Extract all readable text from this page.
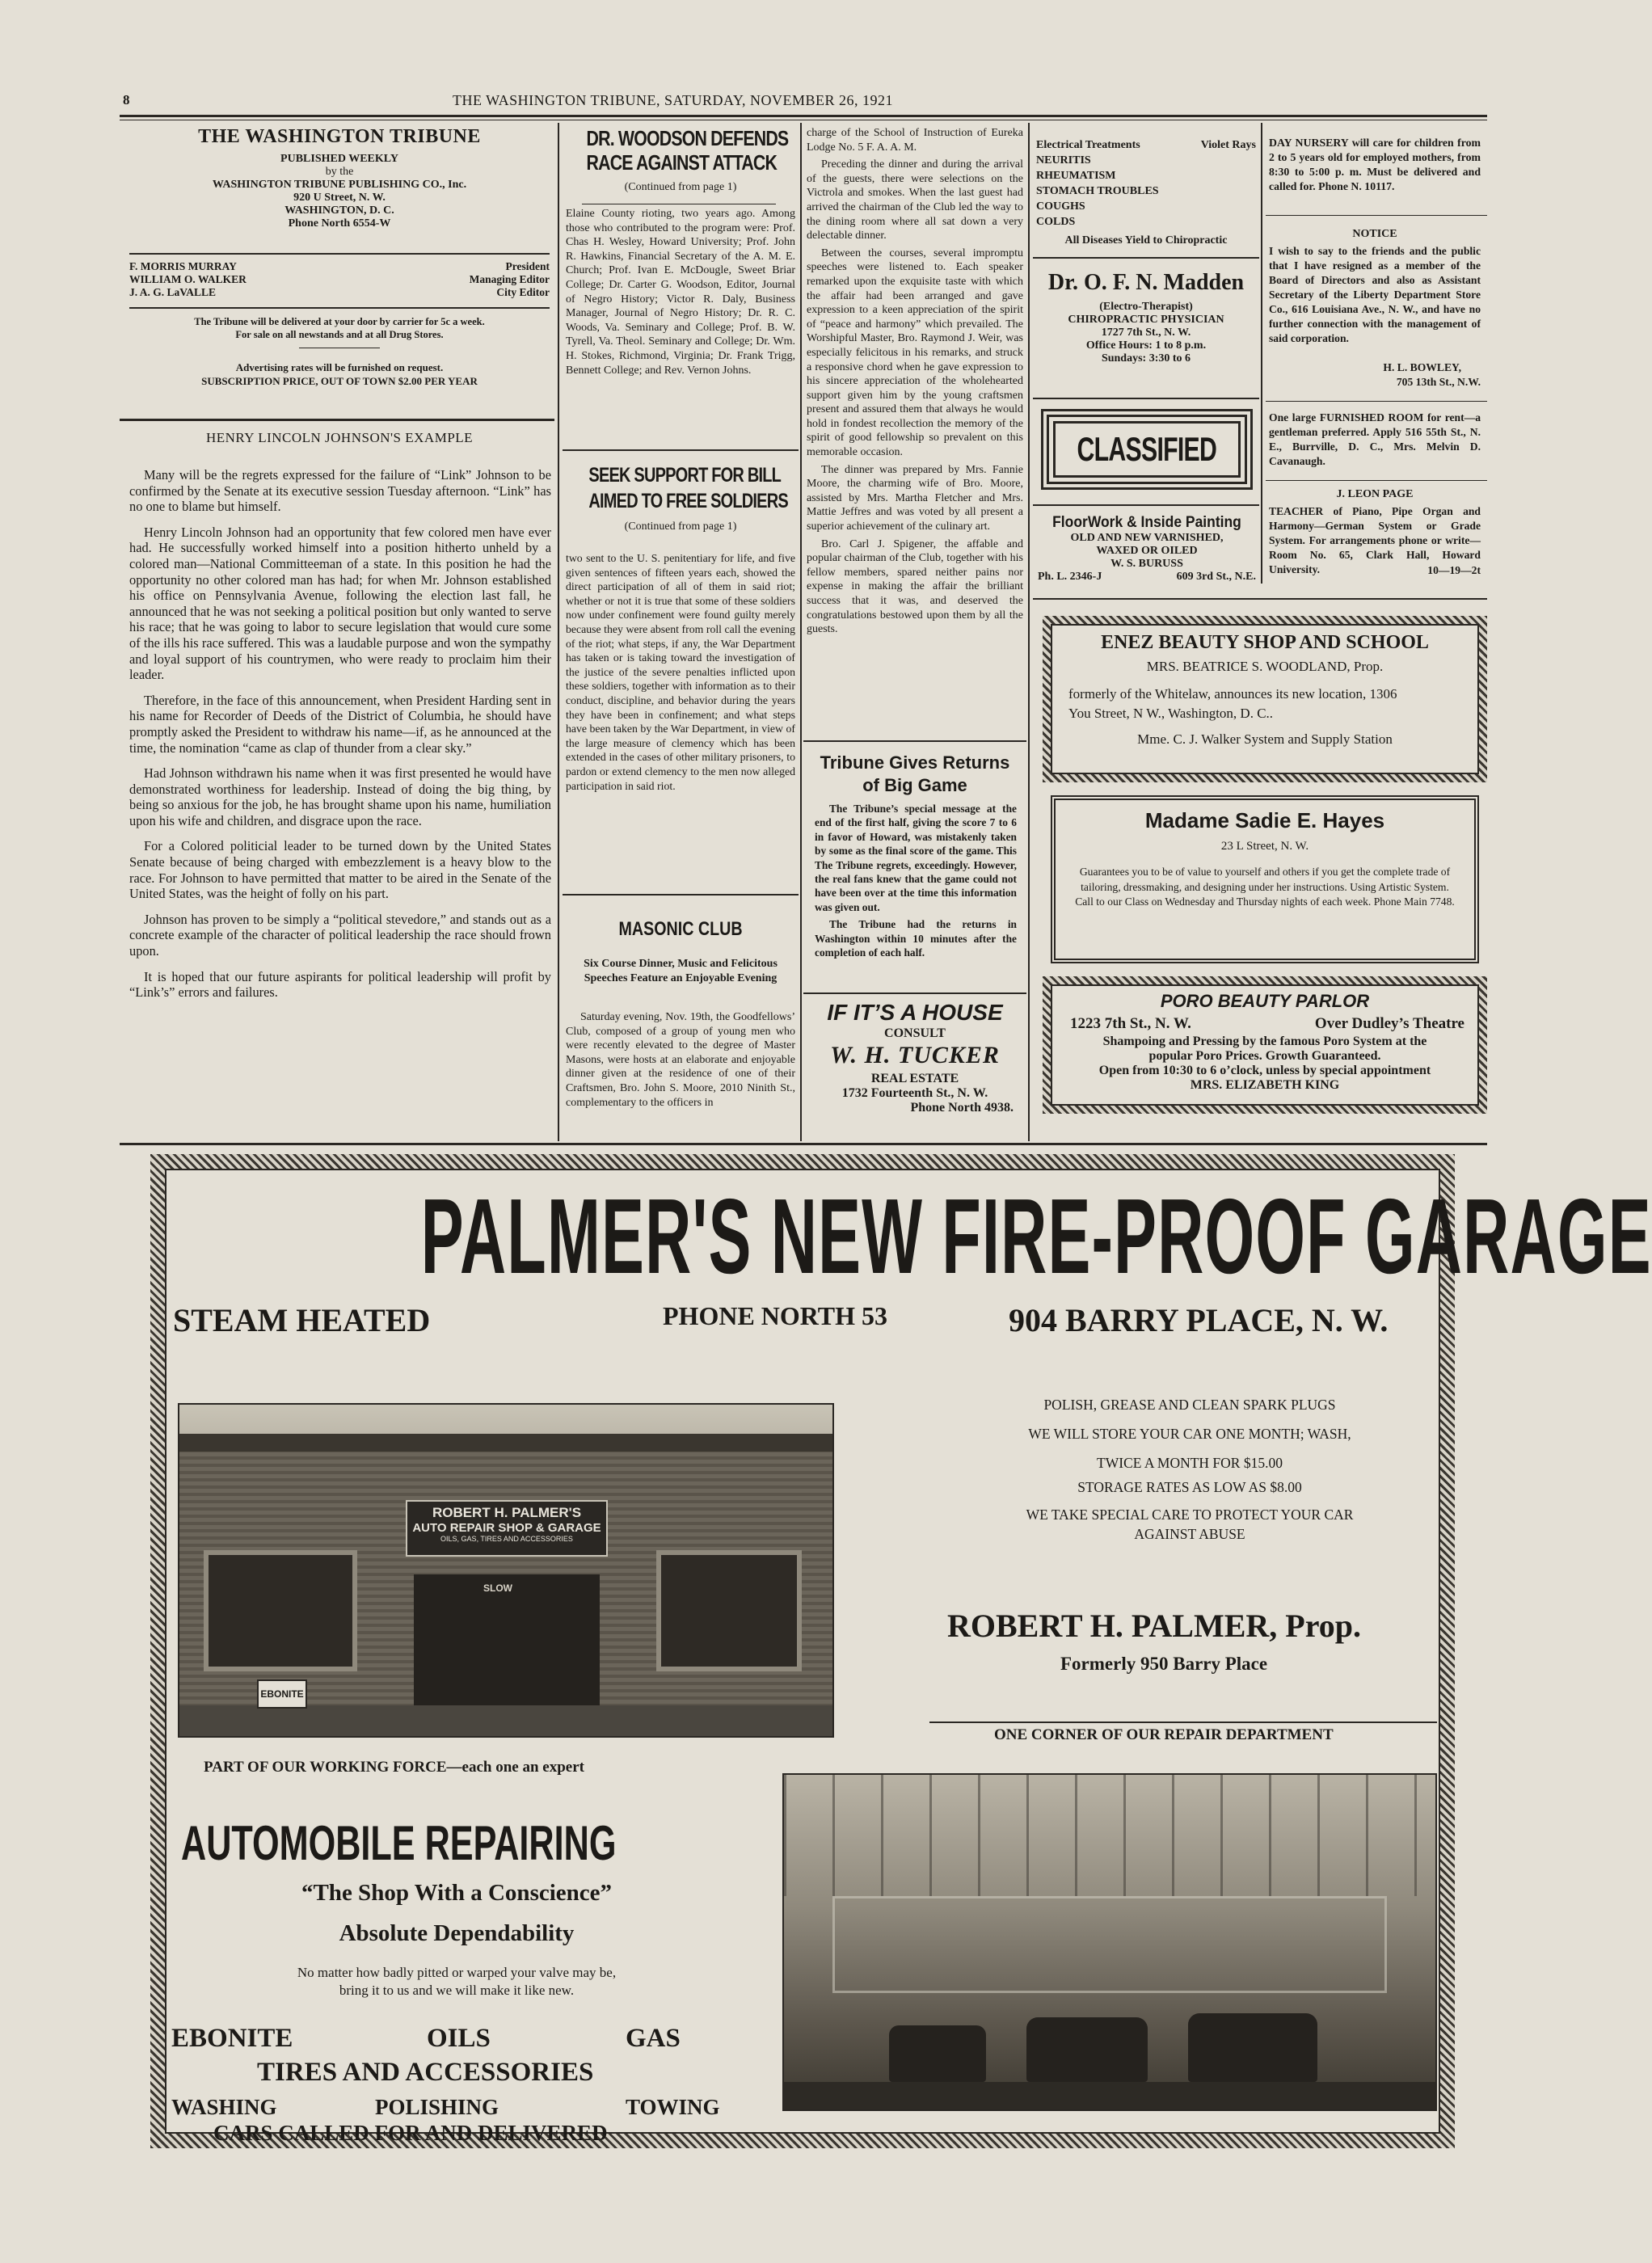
8	THE WASHINGTON TRIBUNE, SATURDAY, NOVEMBER 26, 1921
THE WASHINGTON TRIBUNE
PUBLISHED WEEKLY
by the
WASHINGTON TRIBUNE PUBLISHING CO., Inc.
920 U Street, N. W.
WASHINGTON, D. C.
Phone North 6554-W
F. MORRIS MURRAY	President
WILLIAM O. WALKER	Managing Editor
J. A. G. LaVALLE	City Editor
The Tribune will be delivered at your door by carrier for 5c a week.
For sale on all newstands and at all Drug Stores.
Advertising rates will be furnished on request.
SUBSCRIPTION PRICE, OUT OF TOWN $2.00 PER YEAR
HENRY LINCOLN JOHNSON'S EXAMPLE

Many will be the regrets expressed for the failure of “Link” Johnson to be confirmed by the Senate at its executive session Tuesday afternoon. “Link” has no one to blame but himself.

Henry Lincoln Johnson had an opportunity that few colored men have ever had. He successfully worked himself into a position hitherto unheld by a colored man—National Committeeman of a state. In this position he had the opportunity no other colored man has had; for when Mr. Johnson established his office on Pennsylvania Avenue, following the election last fall, he announced that he was not seeking a political position but only wanted to serve his race; that he was going to labor to secure legislation that would cure some of the ills his race suffered. This was a laudable purpose and won the sympathy and loyal support of his countrymen, who were ready to proclaim him their leader.

Therefore, in the face of this announcement, when President Harding sent in his name for Recorder of Deeds of the District of Columbia, he should have promptly asked the President to withdraw his name—if, as he announced at the time, the nomination “came as clap of thunder from a clear sky.”

Had Johnson withdrawn his name when it was first presented he would have demonstrated worthiness for leadership. Instead of doing the big thing, by being so anxious for the job, he has brought shame upon his name, humiliation upon his wife and children, and disgrace upon the race.

For a Colored politicial leader to be turned down by the United States Senate because of being charged with embezzlement is a heavy blow to the race. For Johnson to have permitted that matter to be aired in the Senate of the United States, was the height of folly on his part.

Johnson has proven to be simply a “political stevedore,” and stands out as a concrete example of the character of political leadership the race should frown upon.

It is hoped that our future aspirants for political leadership will profit by “Link’s” errors and failures.

DR. WOODSON DEFENDS
RACE AGAINST ATTACK
(Continued from page 1)
Elaine County rioting, two years ago. Among those who contributed to the program were: Prof. Chas H. Wesley, Howard University; Prof. John R. Hawkins, Financial Secretary of the A. M. E. Church; Prof. Ivan E. McDougle, Sweet Briar College; Dr. Carter G. Woodson, Editor, Journal of Negro History; Victor R. Daly, Business Manager, Journal of Negro History; Dr. R. C. Woods, Va. Seminary and College; Prof. B. W. Tyrell, Va. Theol. Seminary and College; Dr. Wm. H. Stokes, Richmond, Virginia; Dr. Frank Trigg, Bennett College; and Rev. Vernon Johns.
SEEK SUPPORT FOR BILL
AIMED TO FREE SOLDIERS
(Continued from page 1)
two sent to the U. S. penitentiary for life, and five given sentences of fifteen years each, showed the direct participation of all of them in said riot; whether or not it is true that some of these soldiers now under confinement were found guilty merely because they were absent from roll call the evening of the riot; what steps, if any, the War Department has taken or is taking toward the investigation of the justice of the severe penalties inflicted upon these soldiers, together with information as to their conduct, discipline, and behavior during the years they have been in confinement; and what steps have been taken by the War Department, in view of the large measure of clemency which has been extended in the cases of other military prisoners, to pardon or extend clemency to the men now alleged participation in said riot.
MASONIC CLUB
Six Course Dinner, Music and Felicitous Speeches Feature an Enjoyable Evening
Saturday evening, Nov. 19th, the Goodfellows’ Club, composed of a group of young men who were recently elevated to the degree of Master Masons, were hosts at an elaborate and enjoyable dinner given at the residence of one of their Craftsmen, Bro. John S. Moore, 2010 Ninith St., complementary to the officers in

charge of the School of Instruction of Eureka Lodge No. 5 F. A. A. M.

Preceding the dinner and during the arrival of the guests, there were selections on the Victrola and smokes. When the last guest had arrived the chairman of the Club led the way to the dining room where all sat down a very delectable dinner.

Between the courses, several impromptu speeches were listened to. Each speaker remarked upon the exquisite taste with which the affair had been arranged and gave expression to a keen appreciation of the spirit of “peace and harmony” which prevailed. The Worshipful Master, Bro. Raymond J. Weir, was especially felicitous in his remarks, and struck a responsive chord when he gave expression to his sincere appreciation of the wholehearted support given him by the young craftsmen present and assured them that always he would hold in fondest recollection the memory of the spirit of good fellowship so prevalent on this memorable occasion.

The dinner was prepared by Mrs. Fannie Moore, the charming wife of Bro. Moore, assisted by Mrs. Martha Fletcher and Mrs. Mattie Jeffres and was voted by all present a superior achievement of the culinary art.

Bro. Carl J. Spigener, the affable and popular chairman of the Club, together with his fellow members, spared neither pains nor expense in making the affair the brilliant success that it was, and deserved the congratulations bestowed upon them by all the guests.

Tribune Gives Returns
of Big Game

The Tribune’s special message at the end of the first half, giving the score 7 to 6 in favor of Howard, was mistakenly taken by some as the final score of the game. This The Tribune regrets, exceedingly. However, the real fans knew that the game could not have been over at the time this information was given out.

The Tribune had the returns in Washington within 10 minutes after the completion of each half.

IF IT’S A HOUSE
CONSULT
W. H. TUCKER
REAL ESTATE
1732 Fourteenth St., N. W.
Phone North 4938.
Electrical Treatments	Violet Rays
NEURITIS
RHEUMATISM
STOMACH TROUBLES
COUGHS
COLDS
All Diseases Yield to Chiropractic
Dr. O. F. N. Madden
(Electro-Therapist)
CHIROPRACTIC PHYSICIAN
1727 7th St., N. W.
Office Hours: 1 to 8 p.m.
Sundays: 3:30 to 6
CLASSIFIED
FloorWork & Inside Painting
OLD AND NEW VARNISHED,
WAXED OR OILED
W. S. BURUSS
Ph. L. 2346-J	609 3rd St., N.E.
DAY NURSERY will care for children from 2 to 5 years old for employed mothers, from 8:30 to 5:00 p. m. Must be delivered and called for. Phone N. 10117.
NOTICE
I wish to say to the friends and the public that I have resigned as a member of the Board of Directors and also as Assistant Secretary of the Liberty Department Store Co., 616 Louisiana Ave., N. W., and have no further connection with the management of said corporation.
H. L. BOWLEY,
705 13th St., N.W.
One large FURNISHED ROOM for rent—a gentleman preferred. Apply 516 55th St., N. E., Burrville, D. C., Mrs. Melvin D. Cavanaugh.
J. LEON PAGE
TEACHER of Piano, Pipe Organ and Harmony—German System or Grade System. For arrangements phone or write—Room No. 65, Clark Hall, Howard University.	10—19—2t
ENEZ BEAUTY SHOP AND SCHOOL
MRS. BEATRICE S. WOODLAND, Prop.
formerly of the Whitelaw, announces its new location, 1306
You Street, N W., Washington, D. C..
Mme. C. J. Walker System and Supply Station
Madame Sadie E. Hayes
23 L Street, N. W.
Guarantees you to be of value to yourself and others if you get the complete trade of tailoring, dressmaking, and designing under her instructions. Using Artistic System. Call to our Class on Wednesday and Thursday nights of each week. Phone Main 7748.
PORO BEAUTY PARLOR
1223 7th St., N. W.	Over Dudley’s Theatre
Shampoing and Pressing by the famous Poro System at the
popular Poro Prices. Growth Guaranteed.
Open from 10:30 to 6 o’clock, unless by special appointment
MRS. ELIZABETH KING
PALMER'S NEW FIRE-PROOF GARAGE
STEAM HEATED	PHONE NORTH 53	904 BARRY PLACE, N. W.
ROBERT H. PALMER'S
AUTO REPAIR SHOP & GARAGE
OILS, GAS, TIRES AND ACCESSORIES
SLOW
EBONITE
PART OF OUR WORKING FORCE—each one an expert
POLISH, GREASE AND CLEAN SPARK PLUGS
WE WILL STORE YOUR CAR ONE MONTH; WASH,
TWICE A MONTH FOR $15.00
STORAGE RATES AS LOW AS $8.00
WE TAKE SPECIAL CARE TO PROTECT YOUR CAR
AGAINST ABUSE
ROBERT H. PALMER, Prop.
Formerly 950 Barry Place
ONE CORNER OF OUR REPAIR DEPARTMENT
AUTOMOBILE REPAIRING
“The Shop With a Conscience”
Absolute Dependability
No matter how badly pitted or warped your valve may be,
bring it to us and we will make it like new.
EBONITE	OILS	GAS
TIRES AND ACCESSORIES
WASHING	POLISHING	TOWING
CARS CALLED FOR AND DELIVERED
